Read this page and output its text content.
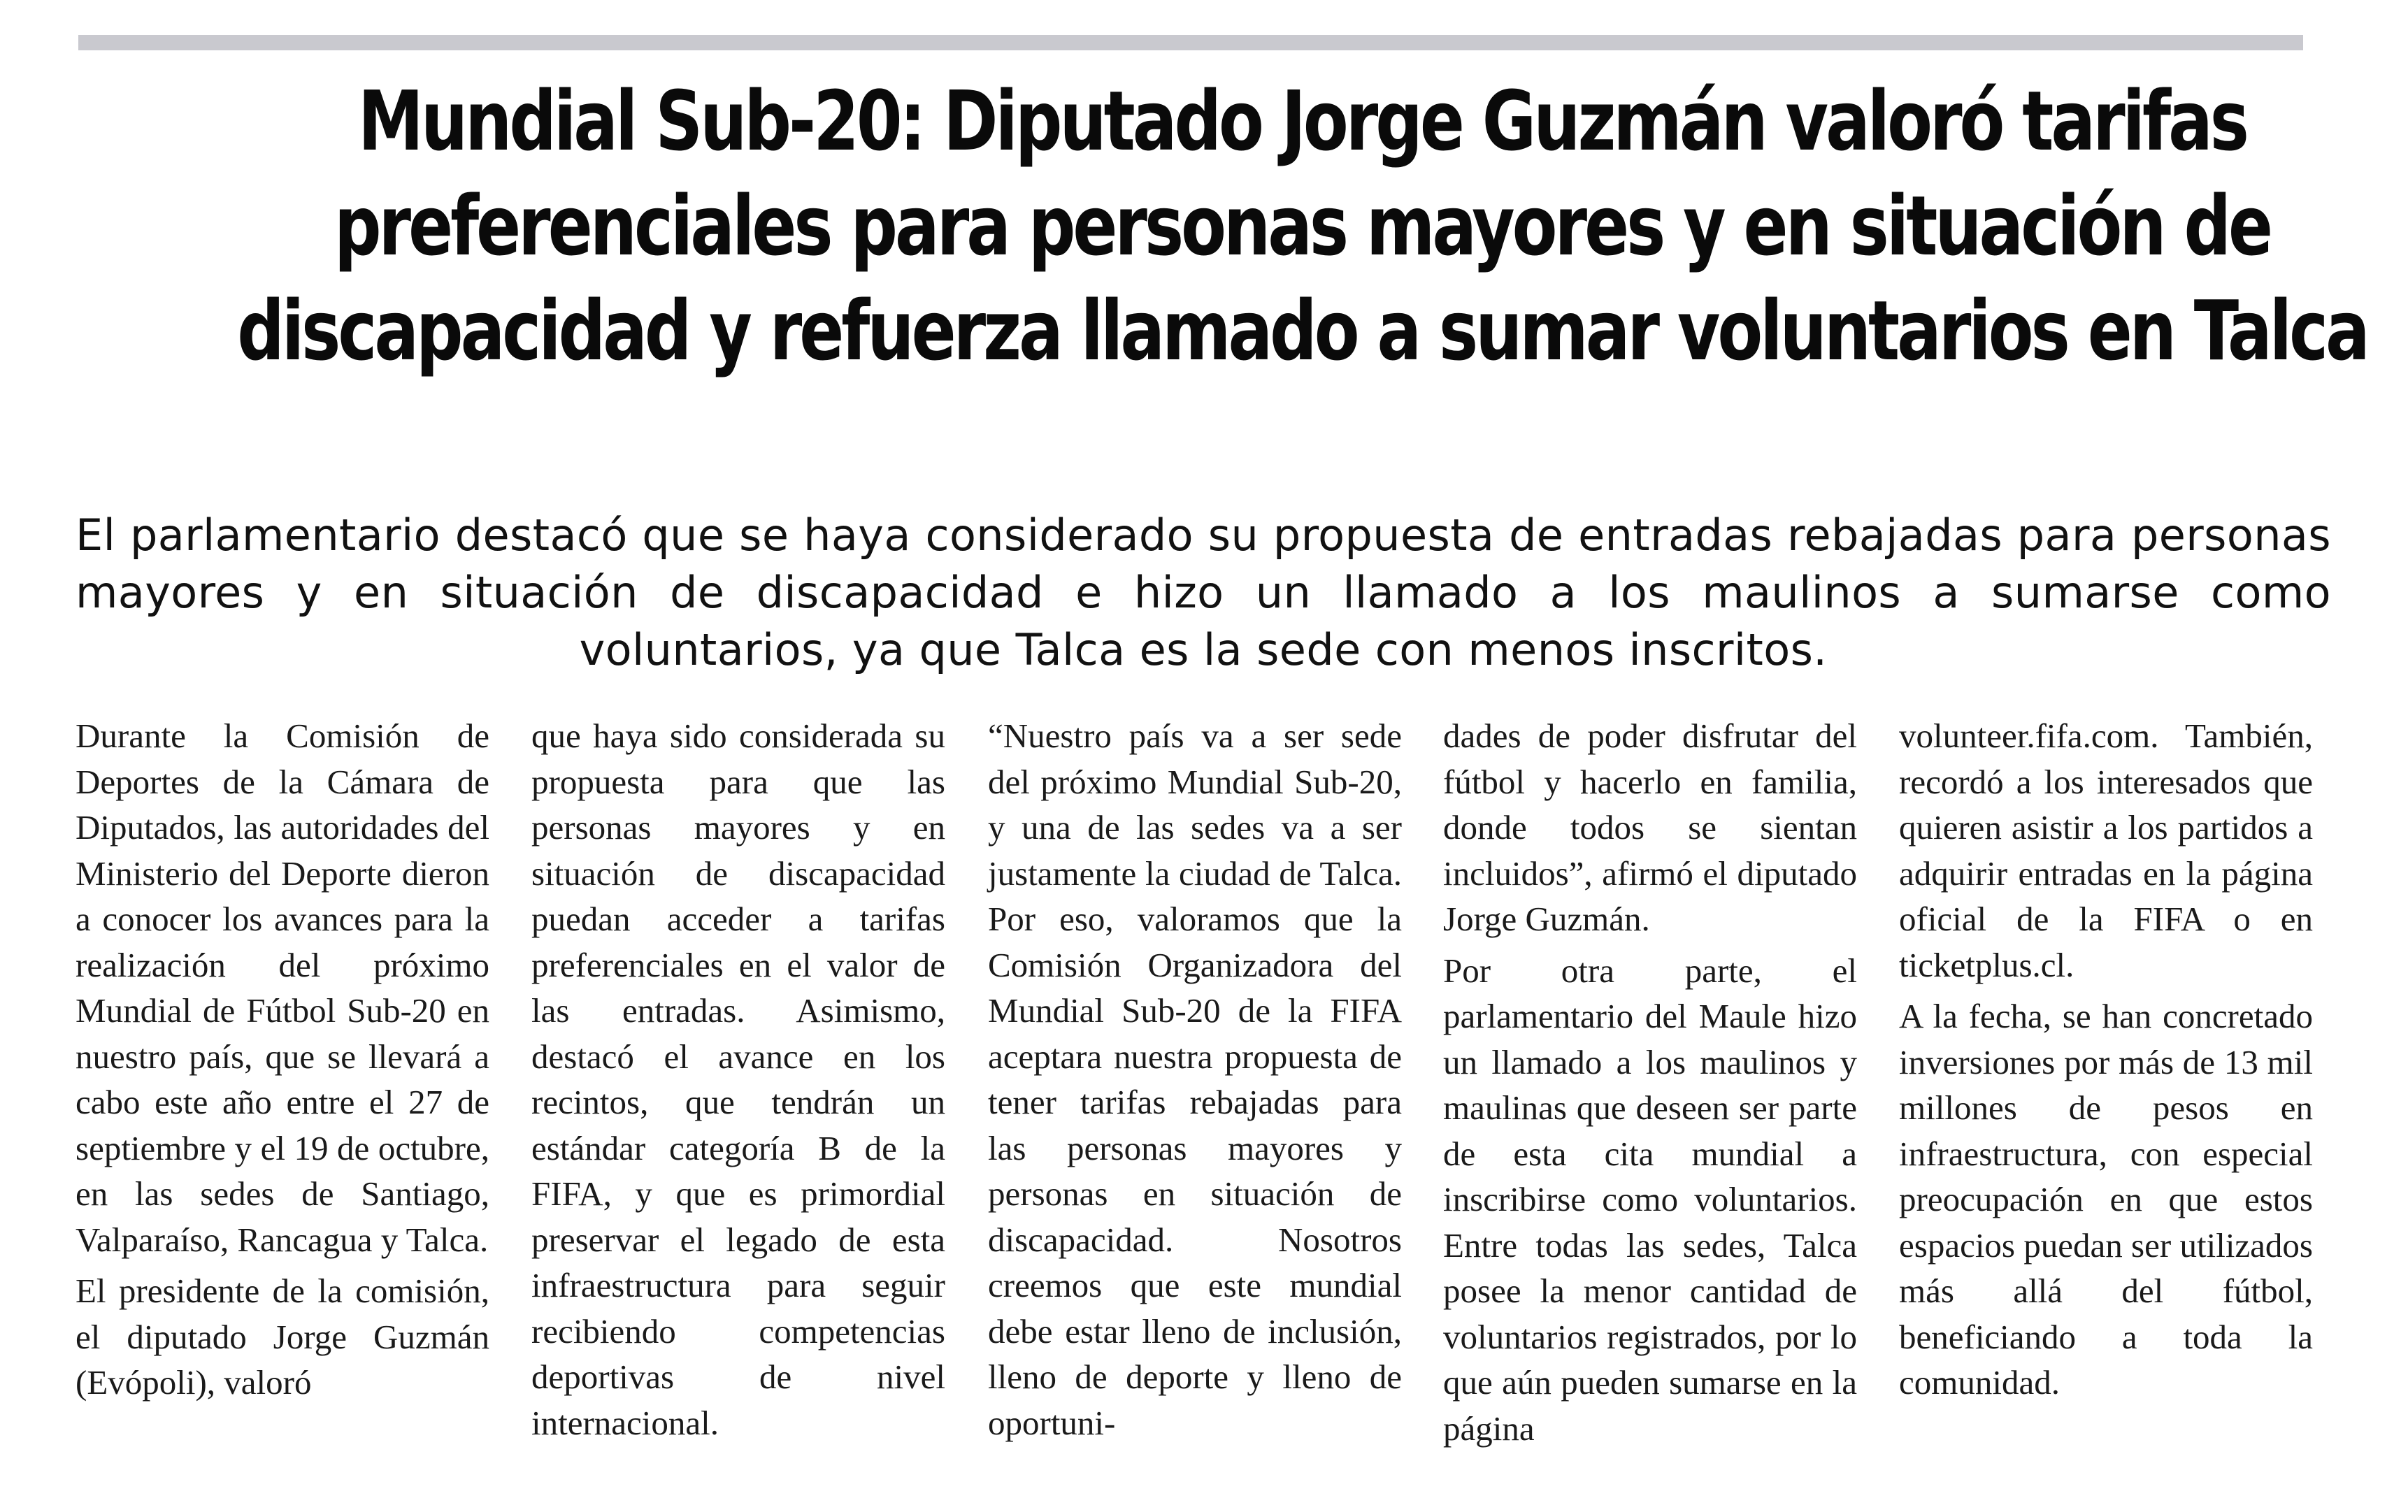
Mundial Sub-20: Diputado Jorge Guzmán valoró tarifas preferenciales para personas mayores y en situación de discapacidad y refuerza llamado a sumar voluntarios en Talca

El parlamentario destacó que se haya considerado su propuesta de entradas rebajadas para personas mayores y en situación de discapacidad e hizo un llamado a los maulinos a sumarse como voluntarios, ya que Talca es la sede con menos inscritos.

Durante la Comisión de Deportes de la Cámara de Diputados, las autoridades del Ministerio del Deporte dieron a conocer los avances para la realización del próximo Mundial de Fútbol Sub-20 en nuestro país, que se llevará a cabo este año entre el 27 de septiembre y el 19 de octubre, en las sedes de Santiago, Valparaíso, Rancagua y Talca.

El presidente de la comisión, el diputado Jorge Guzmán (Evópoli), valoró

que haya sido considerada su propuesta para que las personas mayores y en situación de discapacidad puedan acceder a tarifas preferenciales en el valor de las entradas. Asimismo, destacó el avance en los recintos, que tendrán un estándar categoría B de la FIFA, y que es primordial preservar el legado de esta infraestructura para seguir recibiendo competencias deportivas de nivel internacional.

“Nuestro país va a ser sede del próximo Mundial Sub-20, y una de las sedes va a ser justamente la ciudad de Talca. Por eso, valoramos que la Comisión Organizadora del Mundial Sub-20 de la FIFA aceptara nuestra propuesta de tener tarifas rebajadas para las personas mayores y personas en situación de discapacidad. Nosotros creemos que este mundial debe estar lleno de inclusión, lleno de deporte y lleno de oportuni-

dades de poder disfrutar del fútbol y hacerlo en familia, donde todos se sientan incluidos”, afirmó el diputado Jorge Guzmán.

Por otra parte, el parlamentario del Maule hizo un llamado a los maulinos y maulinas que deseen ser parte de esta cita mundial a inscribirse como voluntarios. Entre todas las sedes, Talca posee la menor cantidad de voluntarios registrados, por lo que aún pueden sumarse en la página

volunteer.fifa.com. También, recordó a los interesados que quieren asistir a los partidos a adquirir entradas en la página oficial de la FIFA o en ticketplus.cl.

A la fecha, se han concretado inversiones por más de 13 mil millones de pesos en infraestructura, con especial preocupación en que estos espacios puedan ser utilizados más allá del fútbol, beneficiando a toda la comunidad.
